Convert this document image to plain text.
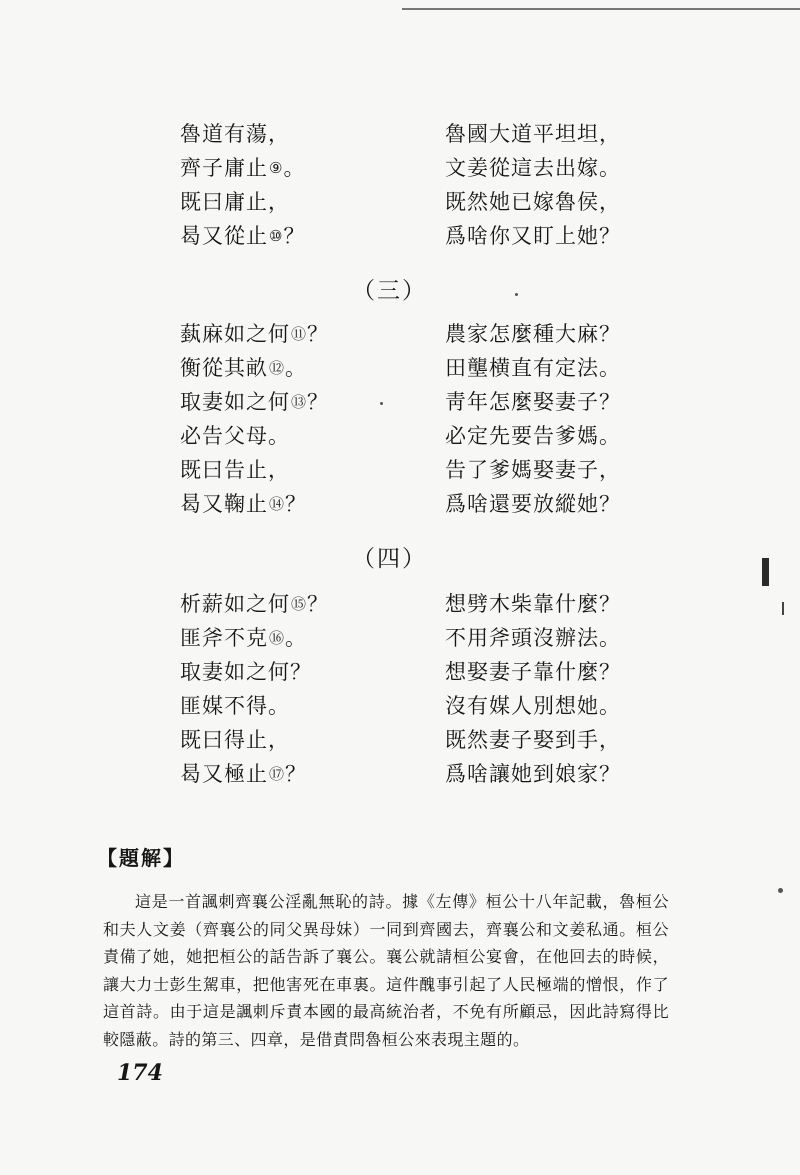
魯道有蕩，	魯國大道平坦坦，
齊子庸止⑨。	文姜從這去出嫁。
既曰庸止，	既然她已嫁魯侯，
曷又從止⑩？	爲啥你又盯上她？
（三）
蓺麻如之何⑪？	農家怎麼種大麻？
衡從其畝⑫。	田壟横直有定法。
取妻如之何⑬？	靑年怎麼娶妻子？
必告父母。	必定先要告爹媽。
既曰告止，	告了爹媽娶妻子，
曷又鞠止⑭？	爲啥還要放縱她？
（四）
析薪如之何⑮？	想劈木柴靠什麼？
匪斧不克⑯。	不用斧頭沒辦法。
取妻如之何？	想娶妻子靠什麼？
匪媒不得。	沒有媒人別想她。
既曰得止，	既然妻子娶到手，
曷又極止⑰？	爲啥讓她到娘家？
【題解】

這是一首諷刺齊襄公淫亂無恥的詩。據《左傳》桓公十八年記載，魯桓公和夫人文姜（齊襄公的同父異母妹）一同到齊國去，齊襄公和文姜私通。桓公責備了她，她把桓公的話告訴了襄公。襄公就請桓公宴會，在他回去的時候，讓大力士彭生駕車，把他害死在車裏。這件醜事引起了人民極端的憎恨，作了這首詩。由于這是諷刺斥責本國的最高統治者，不免有所顧忌，因此詩寫得比較隱蔽。詩的第三、四章，是借責問魯桓公來表現主題的。

174
